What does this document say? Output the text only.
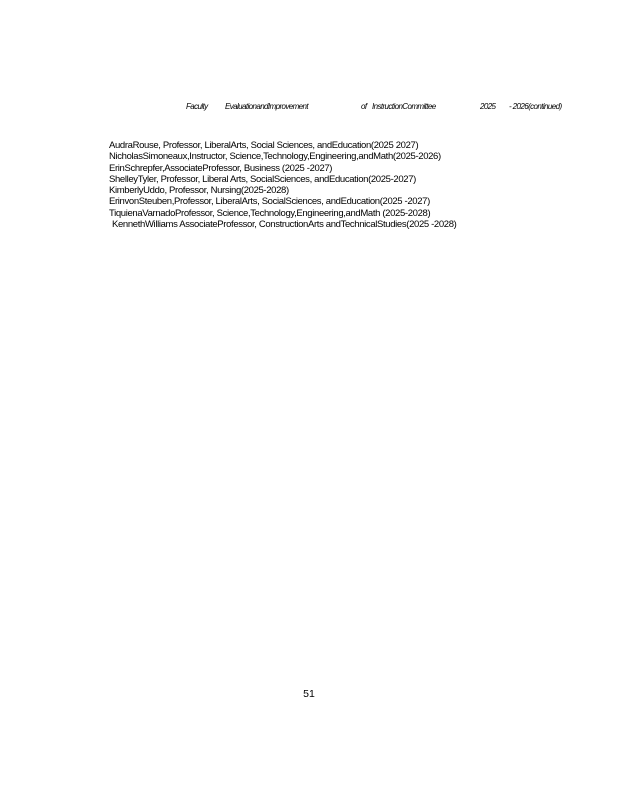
Faculty EvaluationandImprovement	of InstructionCommittee	2025 - 2026(continued)
AudraRouse, Professor, LiberalArts, Social Sciences, andEducation(2025 2027)
NicholasSimoneaux,Instructor, Science,Technology,Engineering,andMath(2025-2026)
ErinSchrepfer,AssociateProfessor, Business (2025 -2027)
ShelleyTyler, Professor, Liberal Arts, SocialSciences, andEducation(2025-2027)
KimberlyUddo, Professor, Nursing(2025-2028)
ErinvonSteuben,Professor, LiberalArts, SocialSciences, andEducation(2025 -2027)
TiquienaVarnadoProfessor, Science,Technology,Engineering,andMath (2025-2028)
KennethWilliams AssociateProfessor, ConstructionArts andTechnicalStudies(2025 -2028)
51
